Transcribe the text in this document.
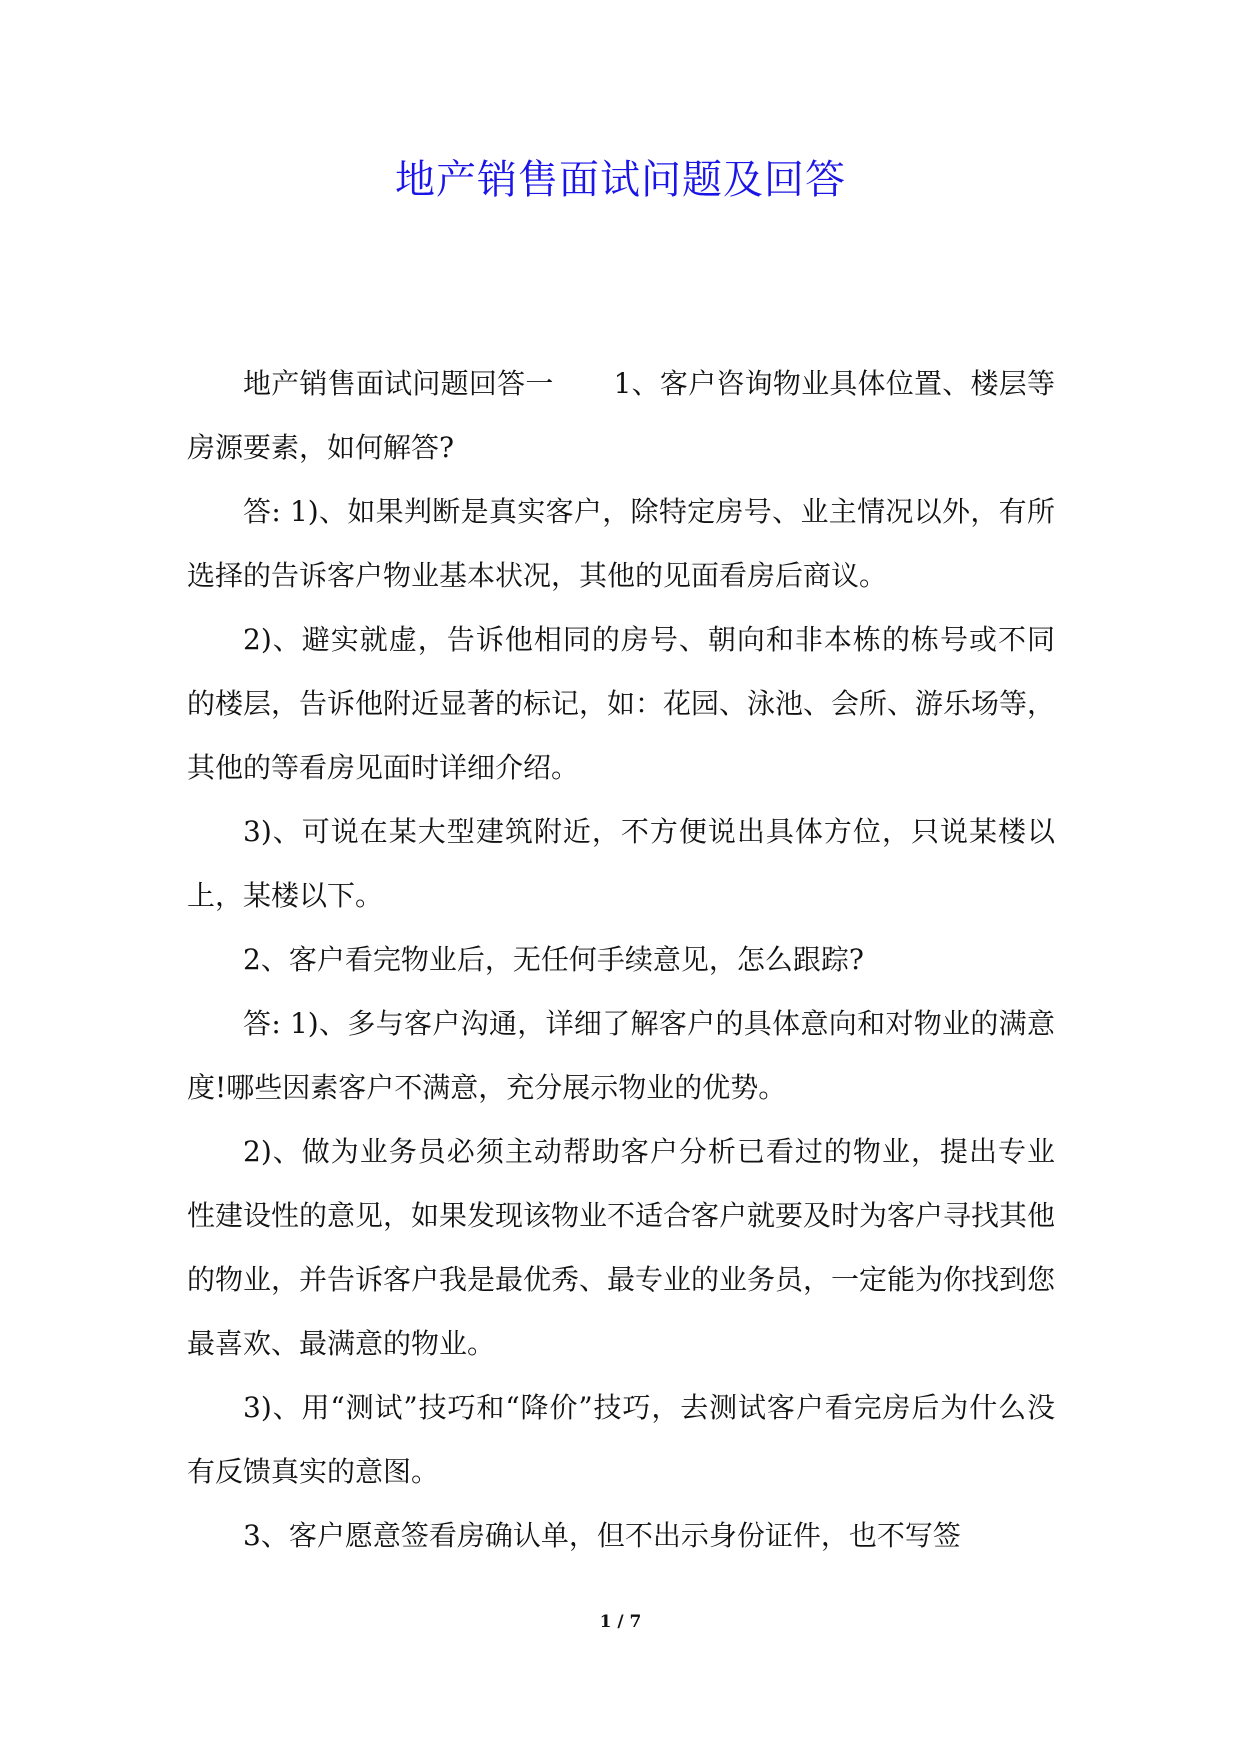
地产销售面试问题及回答

地产销售面试问题回答一 1、客户咨询物业具体位置、楼层等房源要素，如何解答?

答: 1)、如果判断是真实客户，除特定房号、业主情况以外，有所选择的告诉客户物业基本状况，其他的见面看房后商议。

2)、避实就虚，告诉他相同的房号、朝向和非本栋的栋号或不同的楼层，告诉他附近显著的标记，如：花园、泳池、会所、游乐场等，其他的等看房见面时详细介绍。

3)、可说在某大型建筑附近，不方便说出具体方位，只说某楼以上，某楼以下。

2、客户看完物业后，无任何手续意见，怎么跟踪?

答: 1)、多与客户沟通，详细了解客户的具体意向和对物业的满意度!哪些因素客户不满意，充分展示物业的优势。

2)、做为业务员必须主动帮助客户分析已看过的物业，提出专业性建设性的意见，如果发现该物业不适合客户就要及时为客户寻找其他的物业，并告诉客户我是最优秀、最专业的业务员，一定能为你找到您最喜欢、最满意的物业。

3)、用“测试”技巧和“降价”技巧，去测试客户看完房后为什么没有反馈真实的意图。

3、客户愿意签看房确认单，但不出示身份证件，也不写签

1 / 7
